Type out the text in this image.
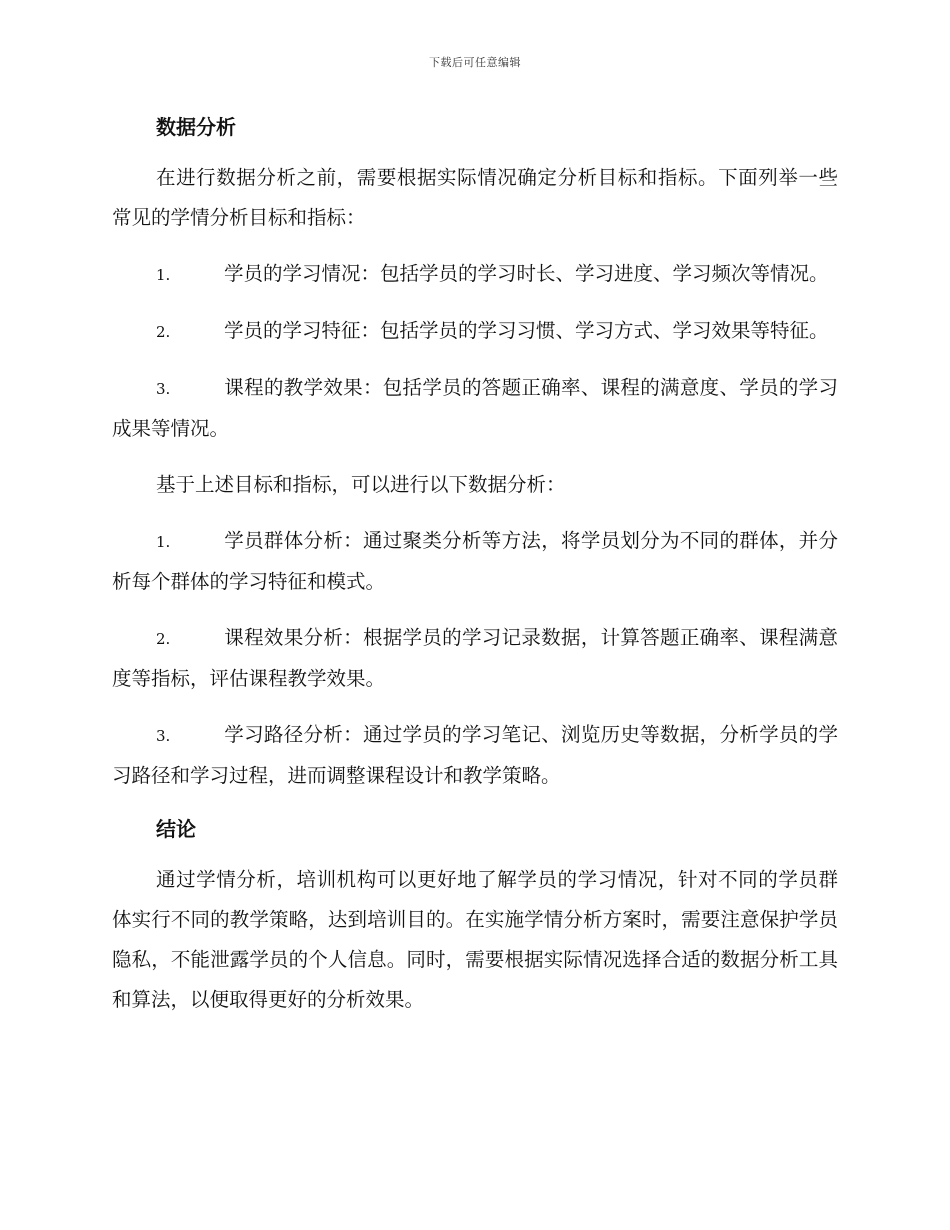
下载后可任意编辑
数据分析

在进行数据分析之前，需要根据实际情况确定分析目标和指标。下面列举一些常见的学情分析目标和指标：

1.	学员的学习情况：包括学员的学习时长、学习进度、学习频次等情况。

2.	学员的学习特征：包括学员的学习习惯、学习方式、学习效果等特征。

3.	课程的教学效果：包括学员的答题正确率、课程的满意度、学员的学习成果等情况。

基于上述目标和指标，可以进行以下数据分析：

1.	学员群体分析：通过聚类分析等方法，将学员划分为不同的群体，并分析每个群体的学习特征和模式。

2.	课程效果分析：根据学员的学习记录数据，计算答题正确率、课程满意度等指标，评估课程教学效果。

3.	学习路径分析：通过学员的学习笔记、浏览历史等数据，分析学员的学习路径和学习过程，进而调整课程设计和教学策略。

结论

通过学情分析，培训机构可以更好地了解学员的学习情况，针对不同的学员群体实行不同的教学策略，达到培训目的。在实施学情分析方案时，需要注意保护学员隐私，不能泄露学员的个人信息。同时，需要根据实际情况选择合适的数据分析工具和算法，以便取得更好的分析效果。
